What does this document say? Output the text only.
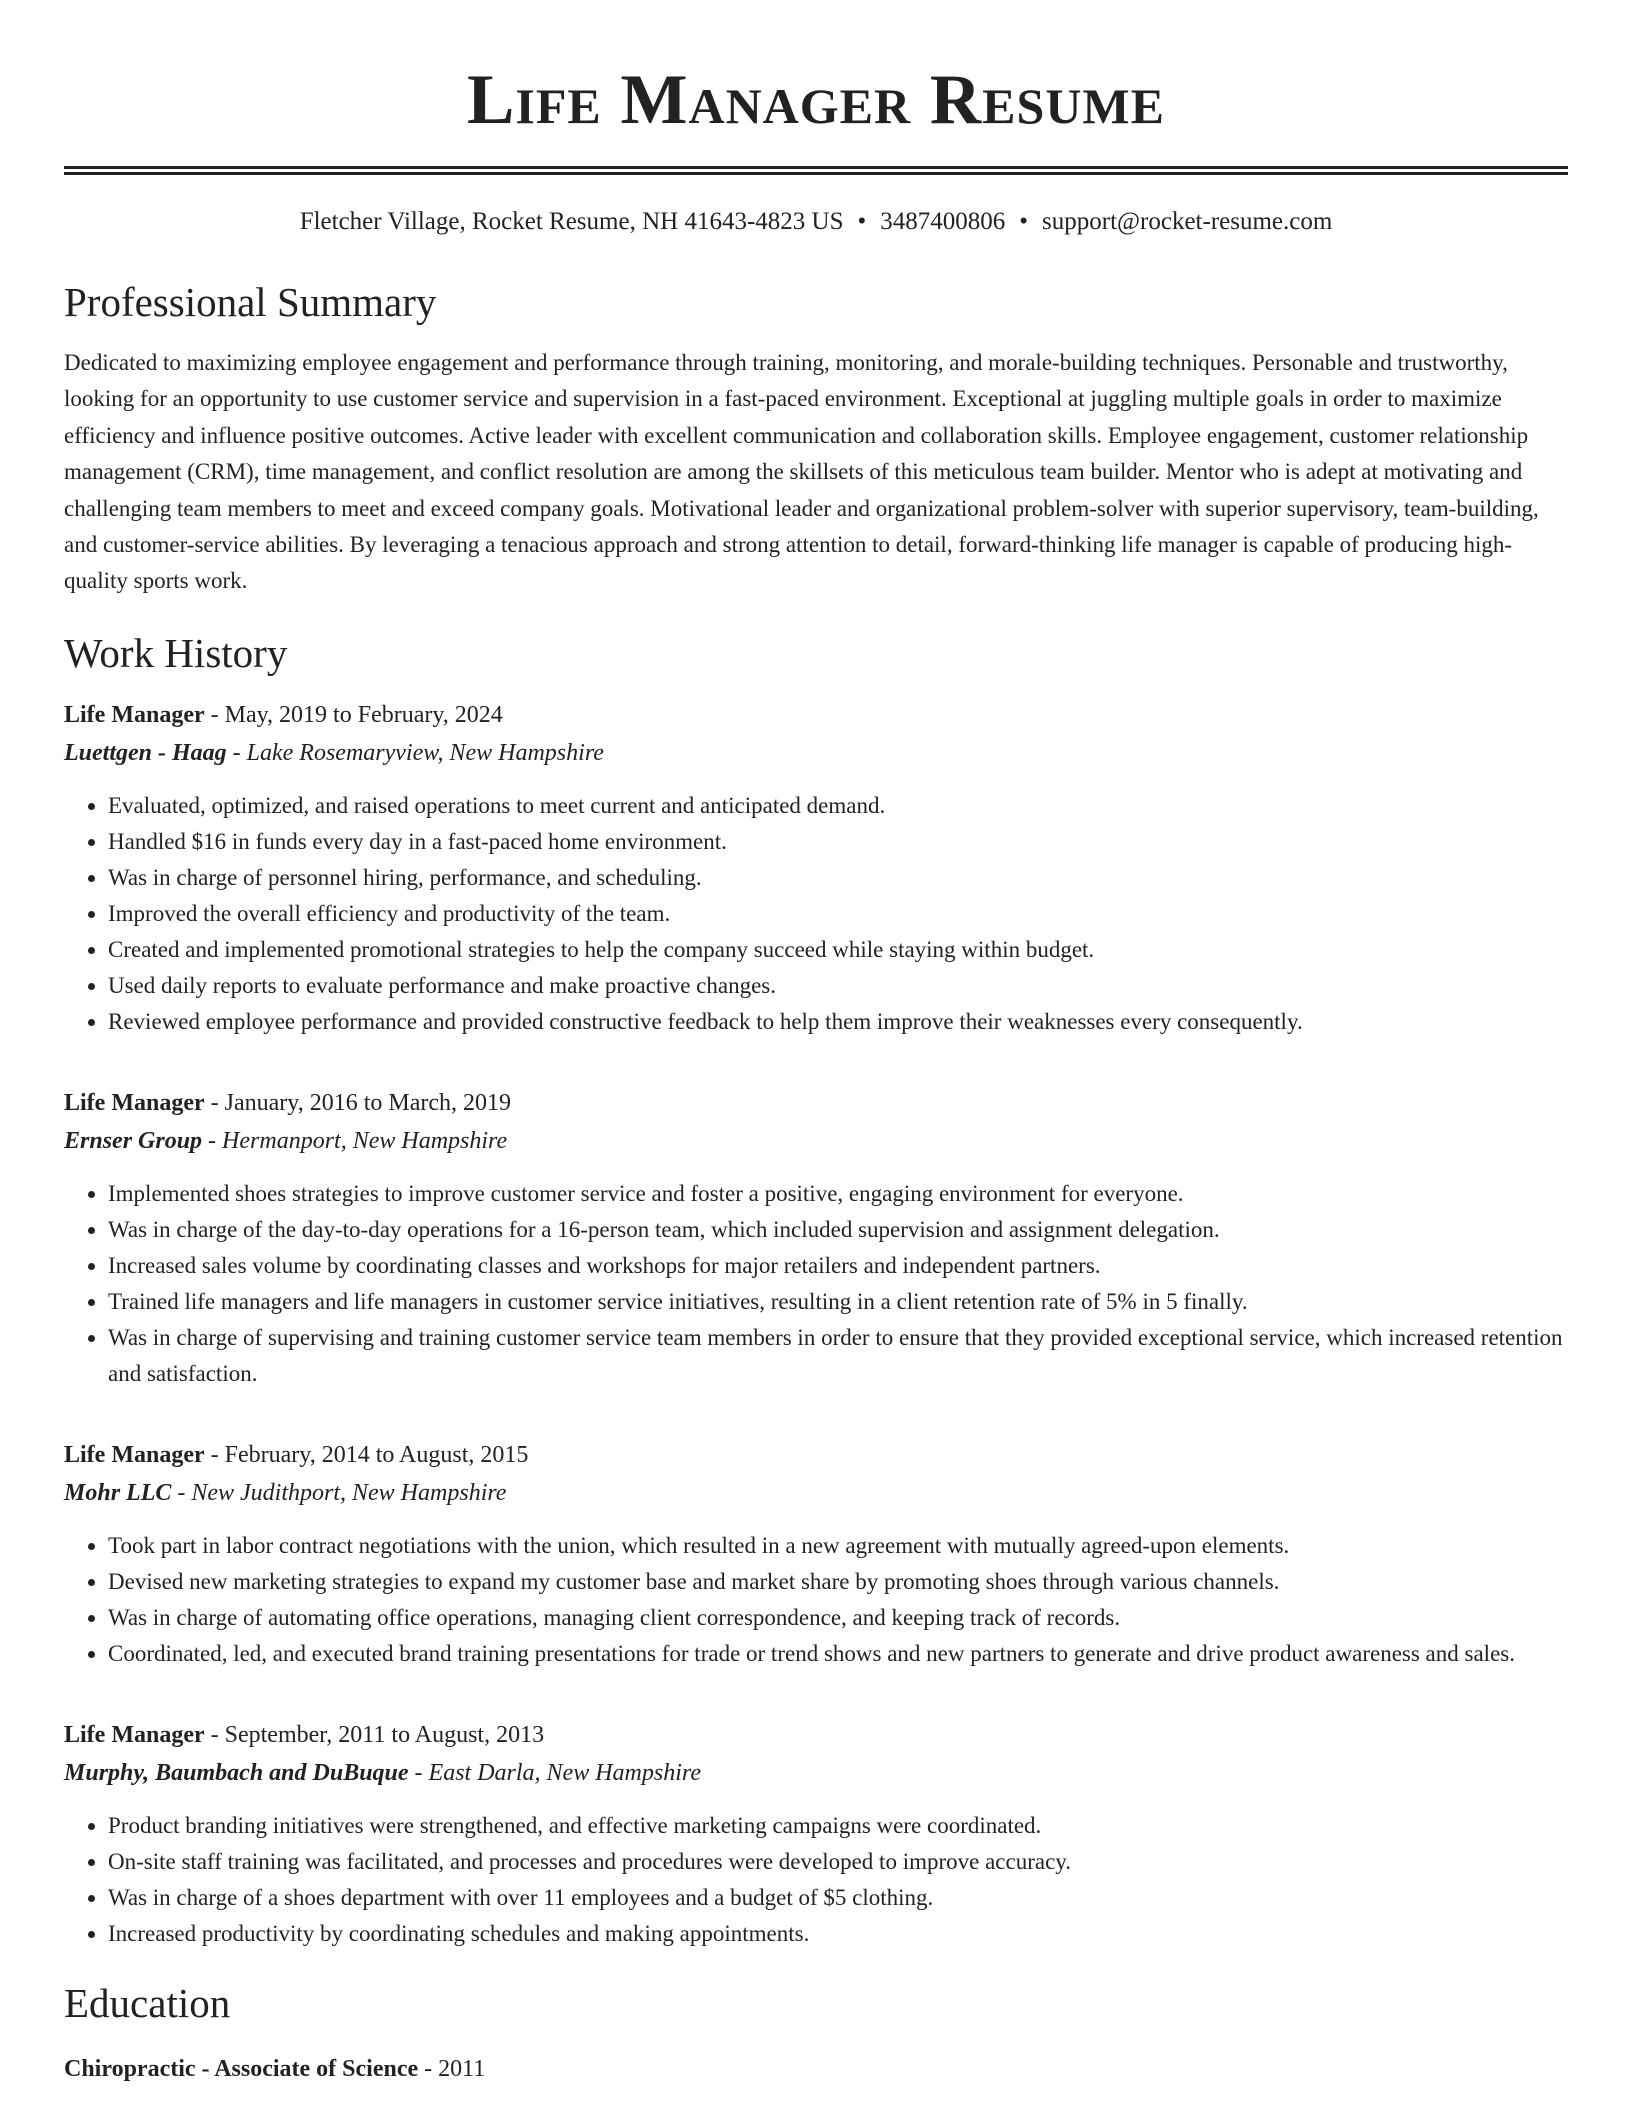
Life Manager Resume
Fletcher Village, Rocket Resume, NH 41643-4823 US • 3487400806 • support@rocket-resume.com
Professional Summary

Dedicated to maximizing employee engagement and performance through training, monitoring, and morale-building techniques. Personable and trustworthy, looking for an opportunity to use customer service and supervision in a fast-paced environment. Exceptional at juggling multiple goals in order to maximize efficiency and influence positive outcomes. Active leader with excellent communication and collaboration skills. Employee engagement, customer relationship management (CRM), time management, and conflict resolution are among the skillsets of this meticulous team builder. Mentor who is adept at motivating and challenging team members to meet and exceed company goals. Motivational leader and organizational problem-solver with superior supervisory, team-building, and customer-service abilities. By leveraging a tenacious approach and strong attention to detail, forward-thinking life manager is capable of producing high-quality sports work.

Work History
Life Manager - May, 2019 to February, 2024
Luettgen - Haag - Lake Rosemaryview, New Hampshire
• Evaluated, optimized, and raised operations to meet current and anticipated demand.
• Handled $16 in funds every day in a fast-paced home environment.
• Was in charge of personnel hiring, performance, and scheduling.
• Improved the overall efficiency and productivity of the team.
• Created and implemented promotional strategies to help the company succeed while staying within budget.
• Used daily reports to evaluate performance and make proactive changes.
• Reviewed employee performance and provided constructive feedback to help them improve their weaknesses every consequently.
Life Manager - January, 2016 to March, 2019
Ernser Group - Hermanport, New Hampshire
• Implemented shoes strategies to improve customer service and foster a positive, engaging environment for everyone.
• Was in charge of the day-to-day operations for a 16-person team, which included supervision and assignment delegation.
• Increased sales volume by coordinating classes and workshops for major retailers and independent partners.
• Trained life managers and life managers in customer service initiatives, resulting in a client retention rate of 5% in 5 finally.
• Was in charge of supervising and training customer service team members in order to ensure that they provided exceptional service, which increased retention and satisfaction.
Life Manager - February, 2014 to August, 2015
Mohr LLC - New Judithport, New Hampshire
• Took part in labor contract negotiations with the union, which resulted in a new agreement with mutually agreed-upon elements.
• Devised new marketing strategies to expand my customer base and market share by promoting shoes through various channels.
• Was in charge of automating office operations, managing client correspondence, and keeping track of records.
• Coordinated, led, and executed brand training presentations for trade or trend shows and new partners to generate and drive product awareness and sales.
Life Manager - September, 2011 to August, 2013
Murphy, Baumbach and DuBuque - East Darla, New Hampshire
• Product branding initiatives were strengthened, and effective marketing campaigns were coordinated.
• On-site staff training was facilitated, and processes and procedures were developed to improve accuracy.
• Was in charge of a shoes department with over 11 employees and a budget of $5 clothing.
• Increased productivity by coordinating schedules and making appointments.
Education
Chiropractic - Associate of Science - 2011
